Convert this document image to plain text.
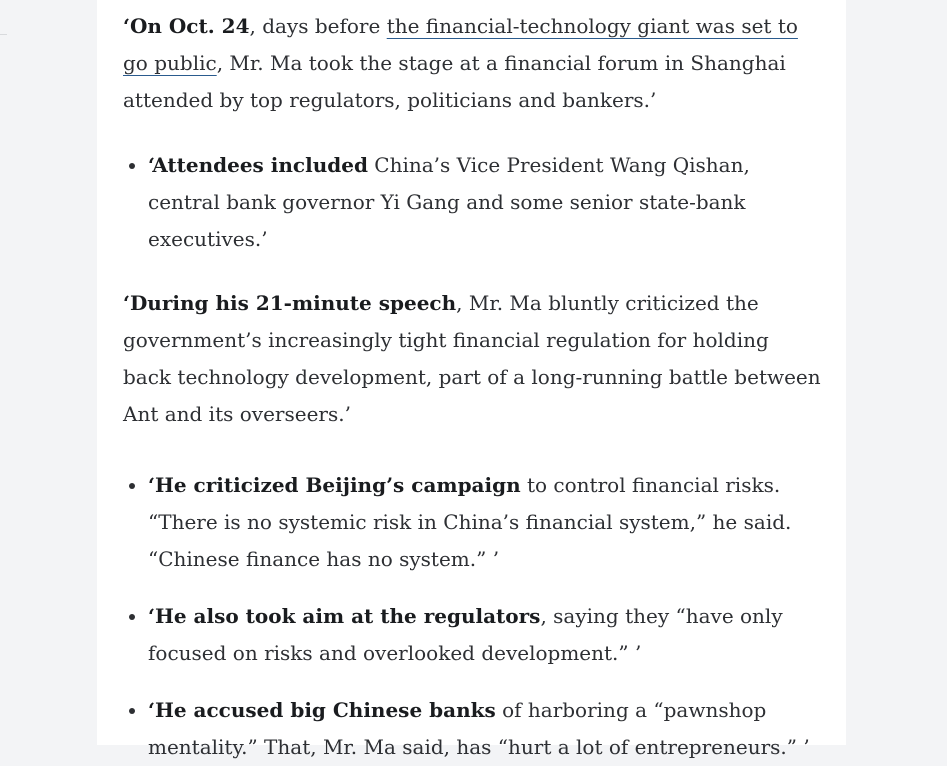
‘On Oct. 24, days before the financial-technology giant was set to go public, Mr. Ma took the stage at a financial forum in Shanghai attended by top regulators, politicians and bankers.’

• ‘Attendees included China’s Vice President Wang Qishan, central bank governor Yi Gang and some senior state-bank executives.’

‘During his 21-minute speech, Mr. Ma bluntly criticized the government’s increasingly tight financial regulation for holding back technology development, part of a long-running battle between Ant and its overseers.’

• ‘He criticized Beijing’s campaign to control financial risks. “There is no systemic risk in China’s financial system,” he said. “Chinese finance has no system.” ’
• ‘He also took aim at the regulators, saying they “have only focused on risks and overlooked development.” ’
• ‘He accused big Chinese banks of harboring a “pawnshop mentality.” That, Mr. Ma said, has “hurt a lot of entrepreneurs.” ’
